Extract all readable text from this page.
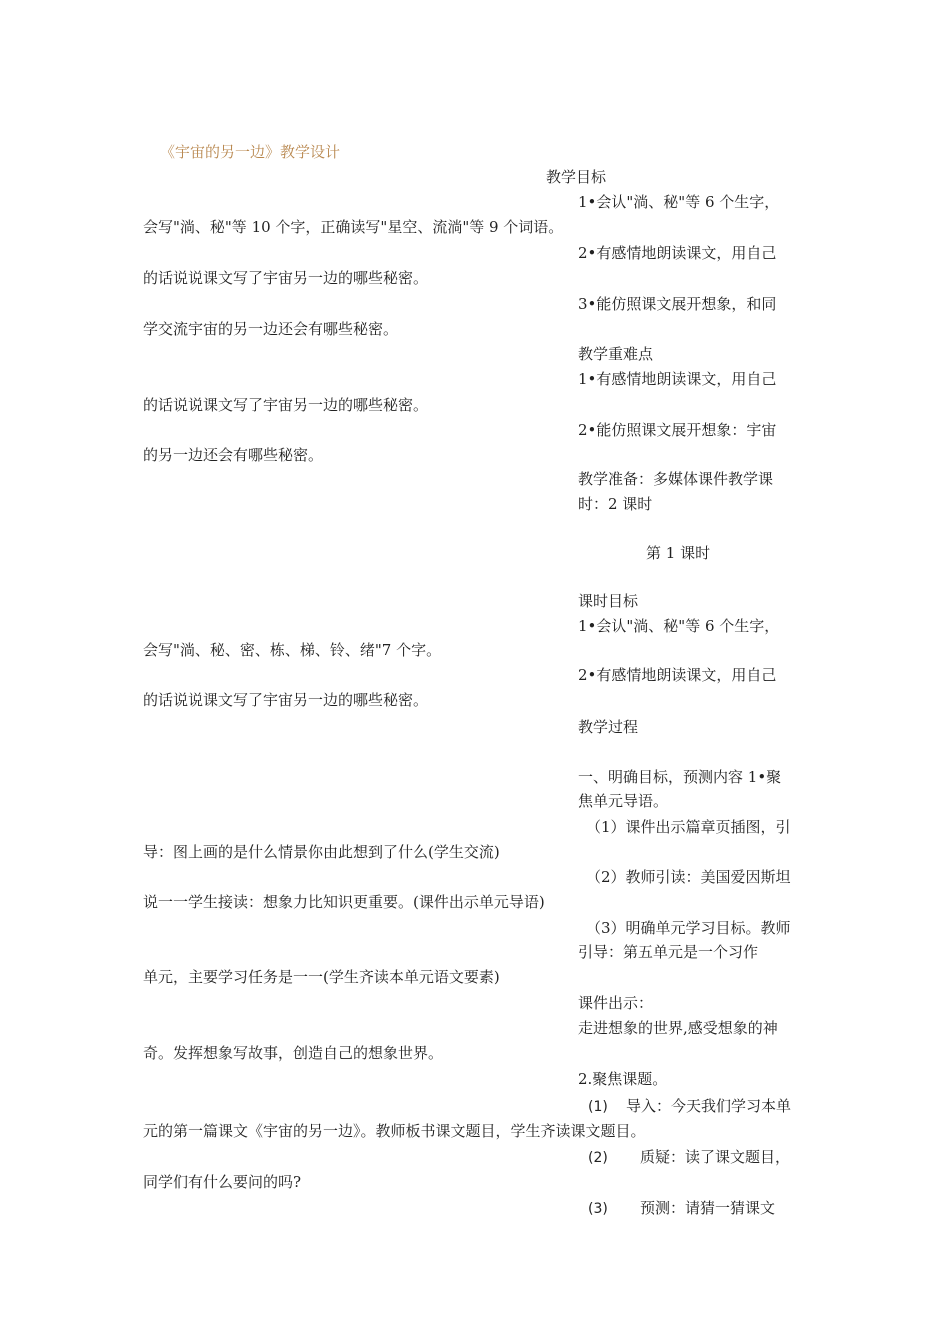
《宇宙的另一边》教学设计
教学目标
1•会认"淌、秘"等 6 个生字，
会写"淌、秘"等 10 个字，正确读写"星空、流淌"等 9 个词语。
2•有感情地朗读课文，用自己
的话说说课文写了宇宙另一边的哪些秘密。
3•能仿照课文展开想象，和同
学交流宇宙的另一边还会有哪些秘密。
教学重难点
1•有感情地朗读课文，用自己
的话说说课文写了宇宙另一边的哪些秘密。
2•能仿照课文展开想象：宇宙
的另一边还会有哪些秘密。
教学准备：多媒体课件教学课
时：2 课时
第 1 课时
课时目标
1•会认"淌、秘"等 6 个生字，
会写"淌、秘、密、栋、梯、铃、绪"7 个字。
2•有感情地朗读课文，用自己
的话说说课文写了宇宙另一边的哪些秘密。
教学过程
一、明确目标，预测内容 1•聚
焦单元导语。
（1）课件出示篇章页插图，引
导：图上画的是什么情景你由此想到了什么(学生交流)
（2）教师引读：美国爱因斯坦
说一一学生接读：想象力比知识更重要。(课件出示单元导语)
（3）明确单元学习目标。教师
引导：第五单元是一个习作
单元，主要学习任务是一一(学生齐读本单元语文要素)
课件出示：
走进想象的世界,感受想象的神
奇。发挥想象写故事，创造自己的想象世界。
2.聚焦课题。
(1) 导入：今天我们学习本单
元的第一篇课文《宇宙的另一边》。教师板书课文题目，学生齐读课文题目。
(2) 质疑：读了课文题目，
同学们有什么要问的吗?
(3) 预测：请猜一猜课文
